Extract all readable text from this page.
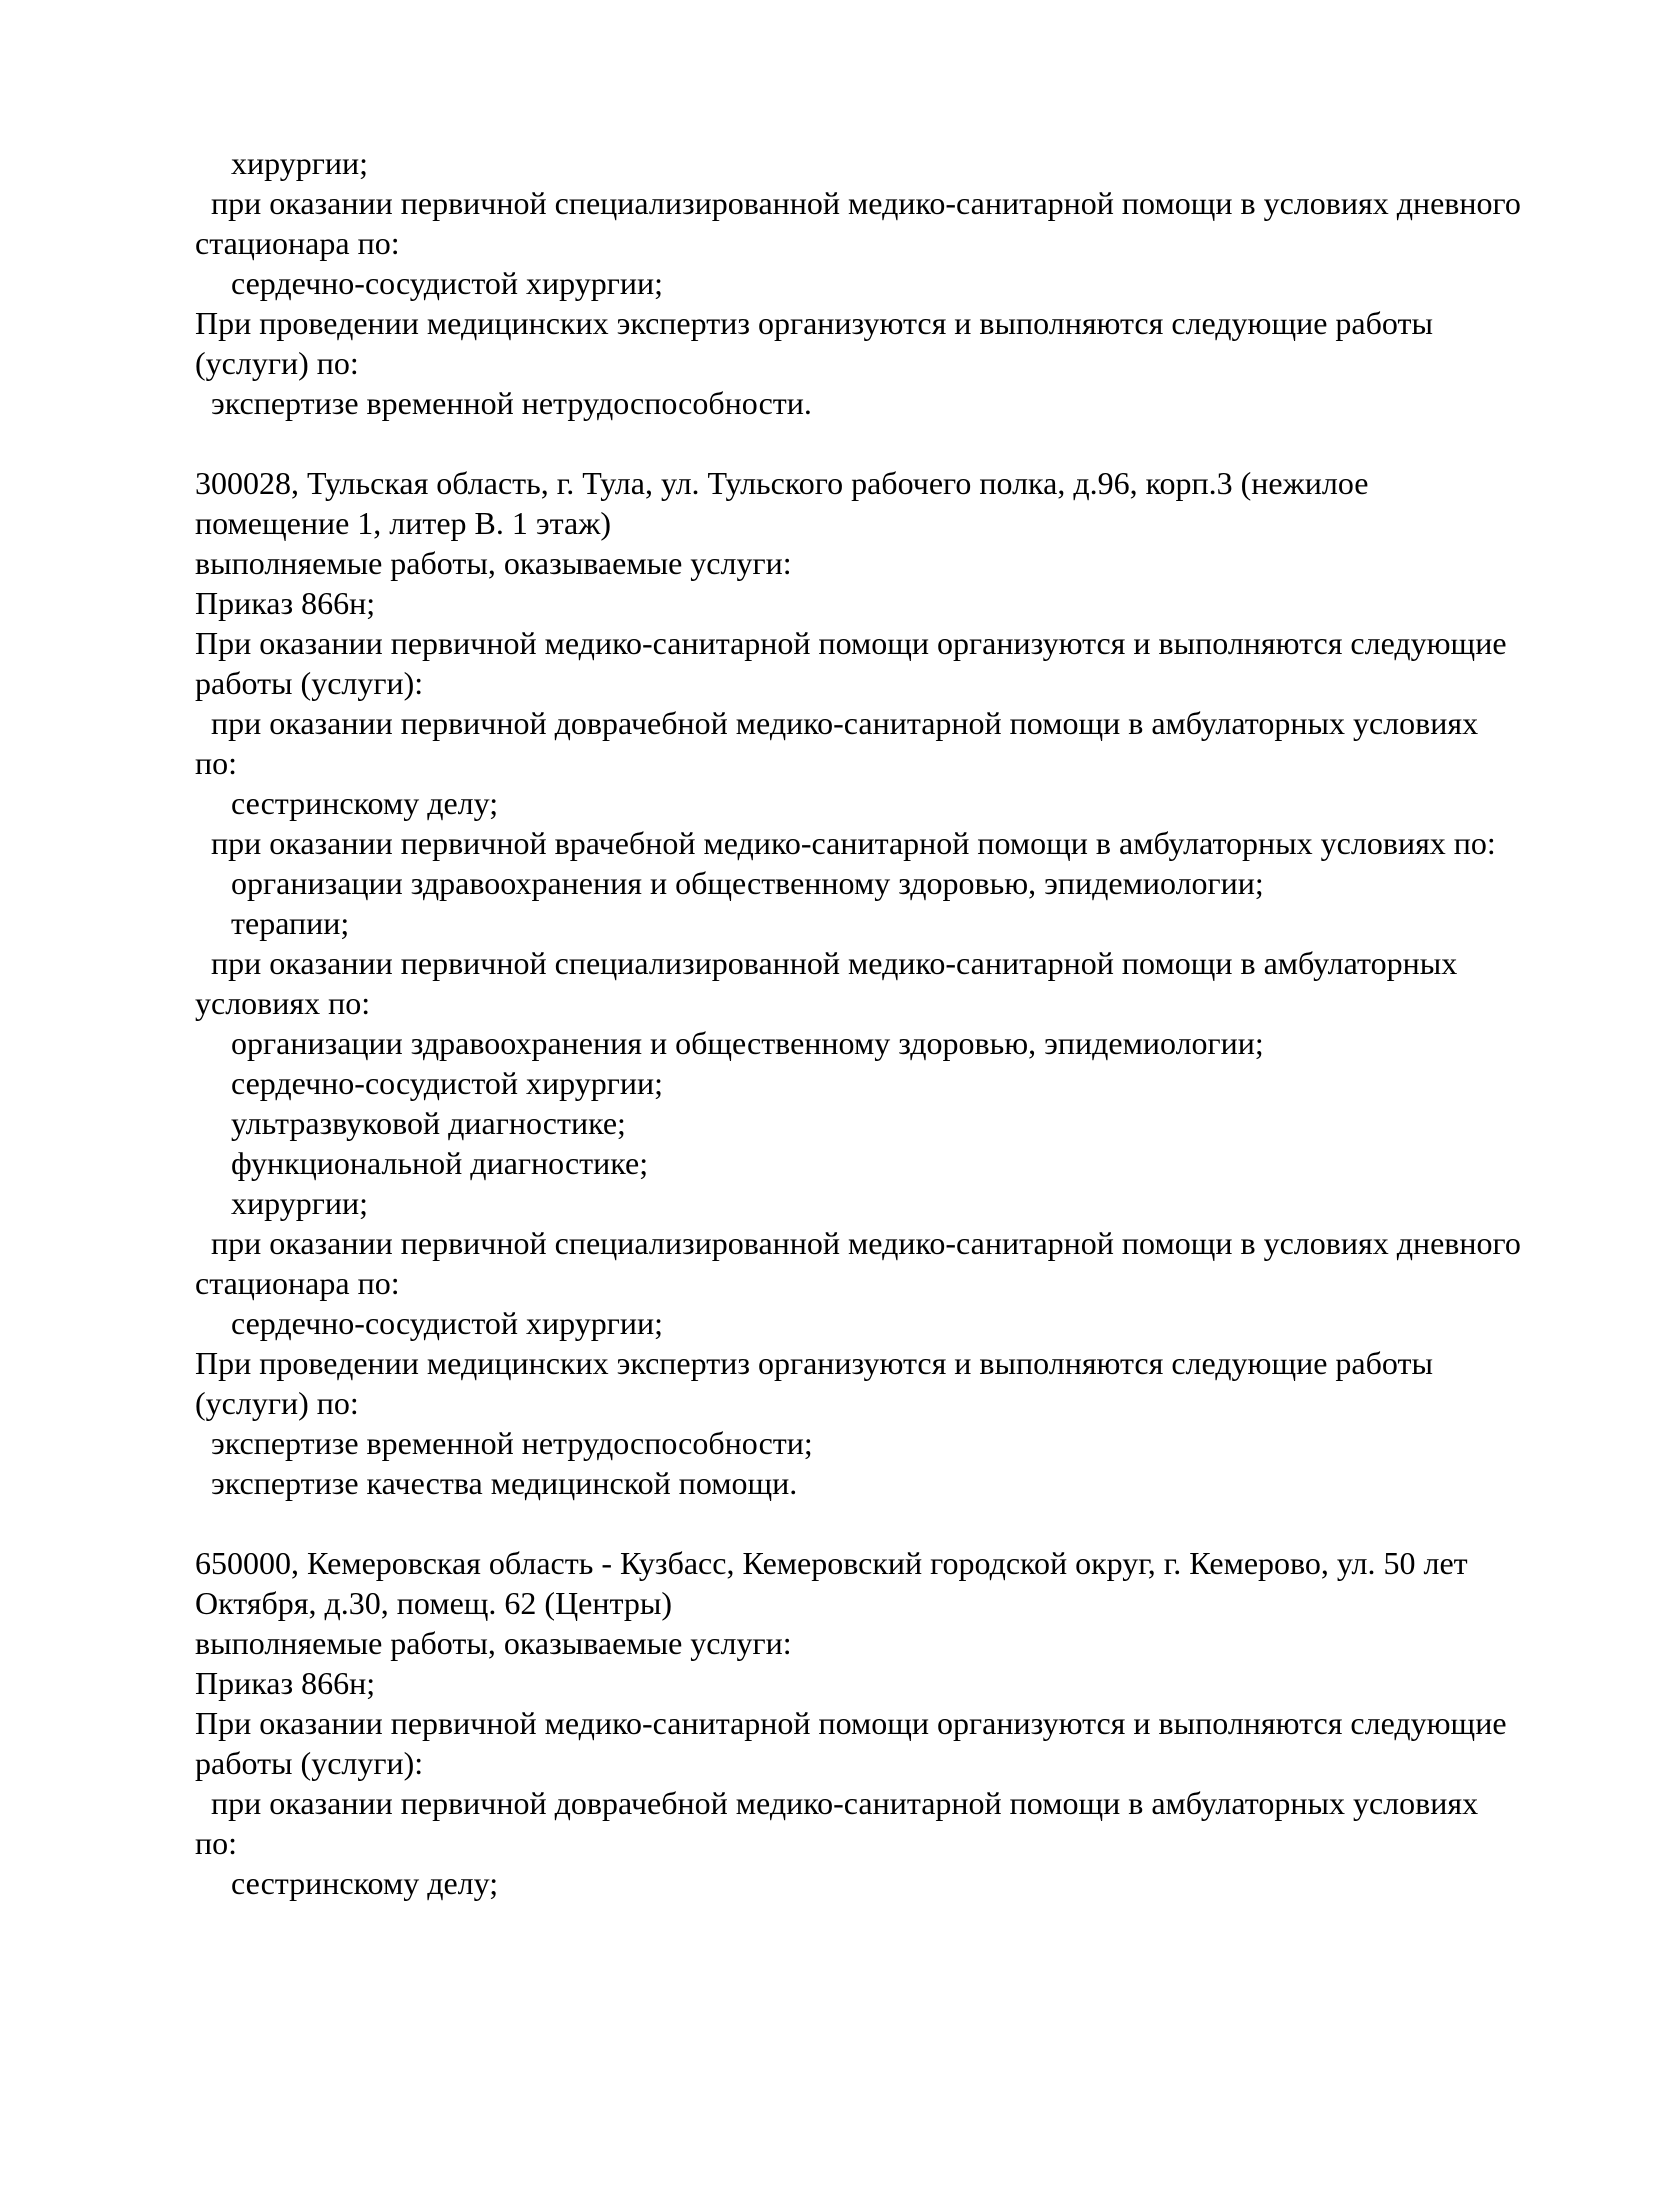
хирургии;
при оказании первичной специализированной медико-санитарной помощи в условиях дневного
стационара по:
сердечно-сосудистой хирургии;
При проведении медицинских экспертиз организуются и выполняются следующие работы
(услуги) по:
экспертизе временной нетрудоспособности.
300028, Тульская область, г. Тула, ул. Тульского рабочего полка, д.96, корп.3 (нежилое
помещение 1, литер В. 1 этаж)
выполняемые работы, оказываемые услуги:
Приказ 866н;
При оказании первичной медико-санитарной помощи организуются и выполняются следующие
работы (услуги):
при оказании первичной доврачебной медико-санитарной помощи в амбулаторных условиях
по:
сестринскому делу;
при оказании первичной врачебной медико-санитарной помощи в амбулаторных условиях по:
организации здравоохранения и общественному здоровью, эпидемиологии;
терапии;
при оказании первичной специализированной медико-санитарной помощи в амбулаторных
условиях по:
организации здравоохранения и общественному здоровью, эпидемиологии;
сердечно-сосудистой хирургии;
ультразвуковой диагностике;
функциональной диагностике;
хирургии;
при оказании первичной специализированной медико-санитарной помощи в условиях дневного
стационара по:
сердечно-сосудистой хирургии;
При проведении медицинских экспертиз организуются и выполняются следующие работы
(услуги) по:
экспертизе временной нетрудоспособности;
экспертизе качества медицинской помощи.
650000, Кемеровская область - Кузбасс, Кемеровский городской округ, г. Кемерово, ул. 50 лет
Октября, д.30, помещ. 62 (Центры)
выполняемые работы, оказываемые услуги:
Приказ 866н;
При оказании первичной медико-санитарной помощи организуются и выполняются следующие
работы (услуги):
при оказании первичной доврачебной медико-санитарной помощи в амбулаторных условиях
по:
сестринскому делу;
